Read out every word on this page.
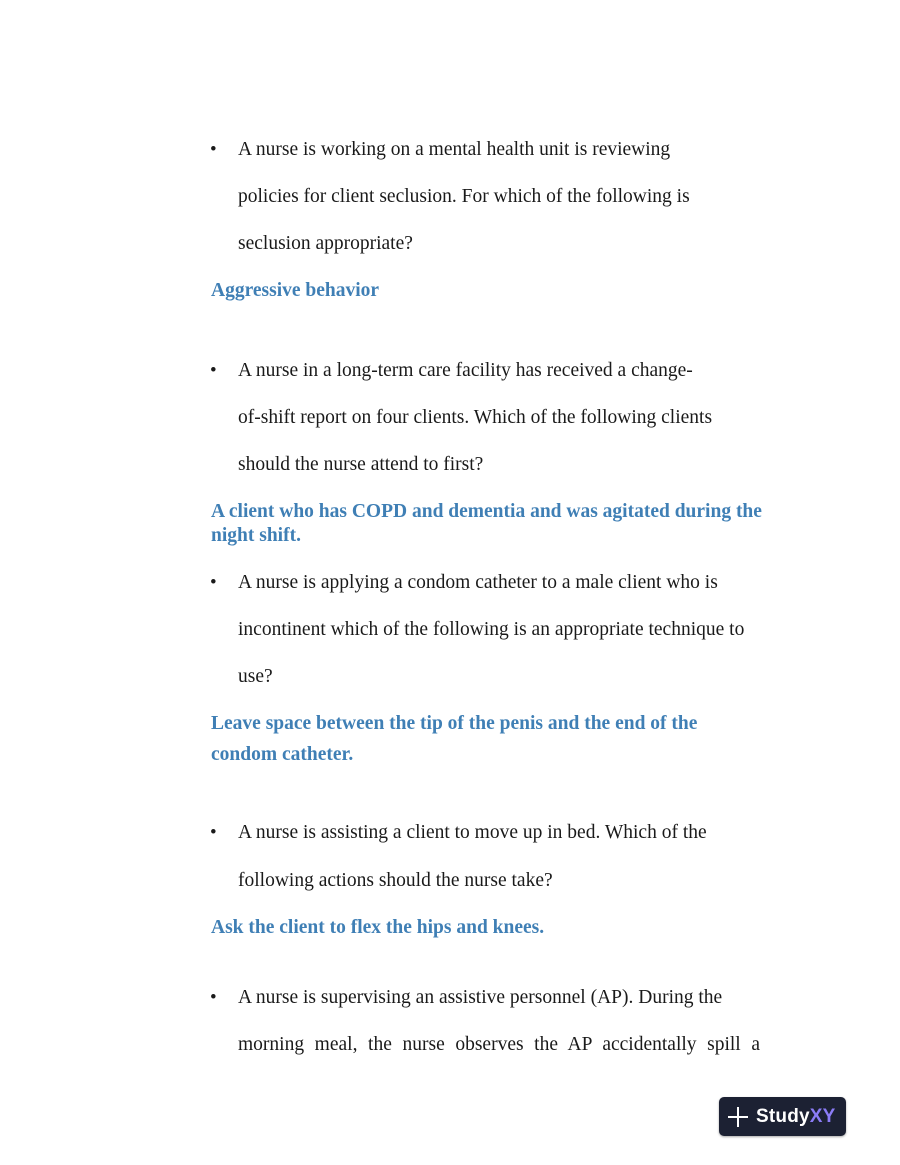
• A nurse is working on a mental health unit is reviewing
policies for client seclusion. For which of the following is
seclusion appropriate?
Aggressive behavior
• A nurse in a long-term care facility has received a change-
of-shift report on four clients. Which of the following clients
should the nurse attend to first?
A client who has COPD and dementia and was agitated during the
night shift.
• A nurse is applying a condom catheter to a male client who is
incontinent which of the following is an appropriate technique to
use?
Leave space between the tip of the penis and the end of the
condom catheter.
• A nurse is assisting a client to move up in bed. Which of the
following actions should the nurse take?
Ask the client to flex the hips and knees.
• A nurse is supervising an assistive personnel (AP). During the
morning meal, the nurse observes the AP accidentally spill a
StudyXY
